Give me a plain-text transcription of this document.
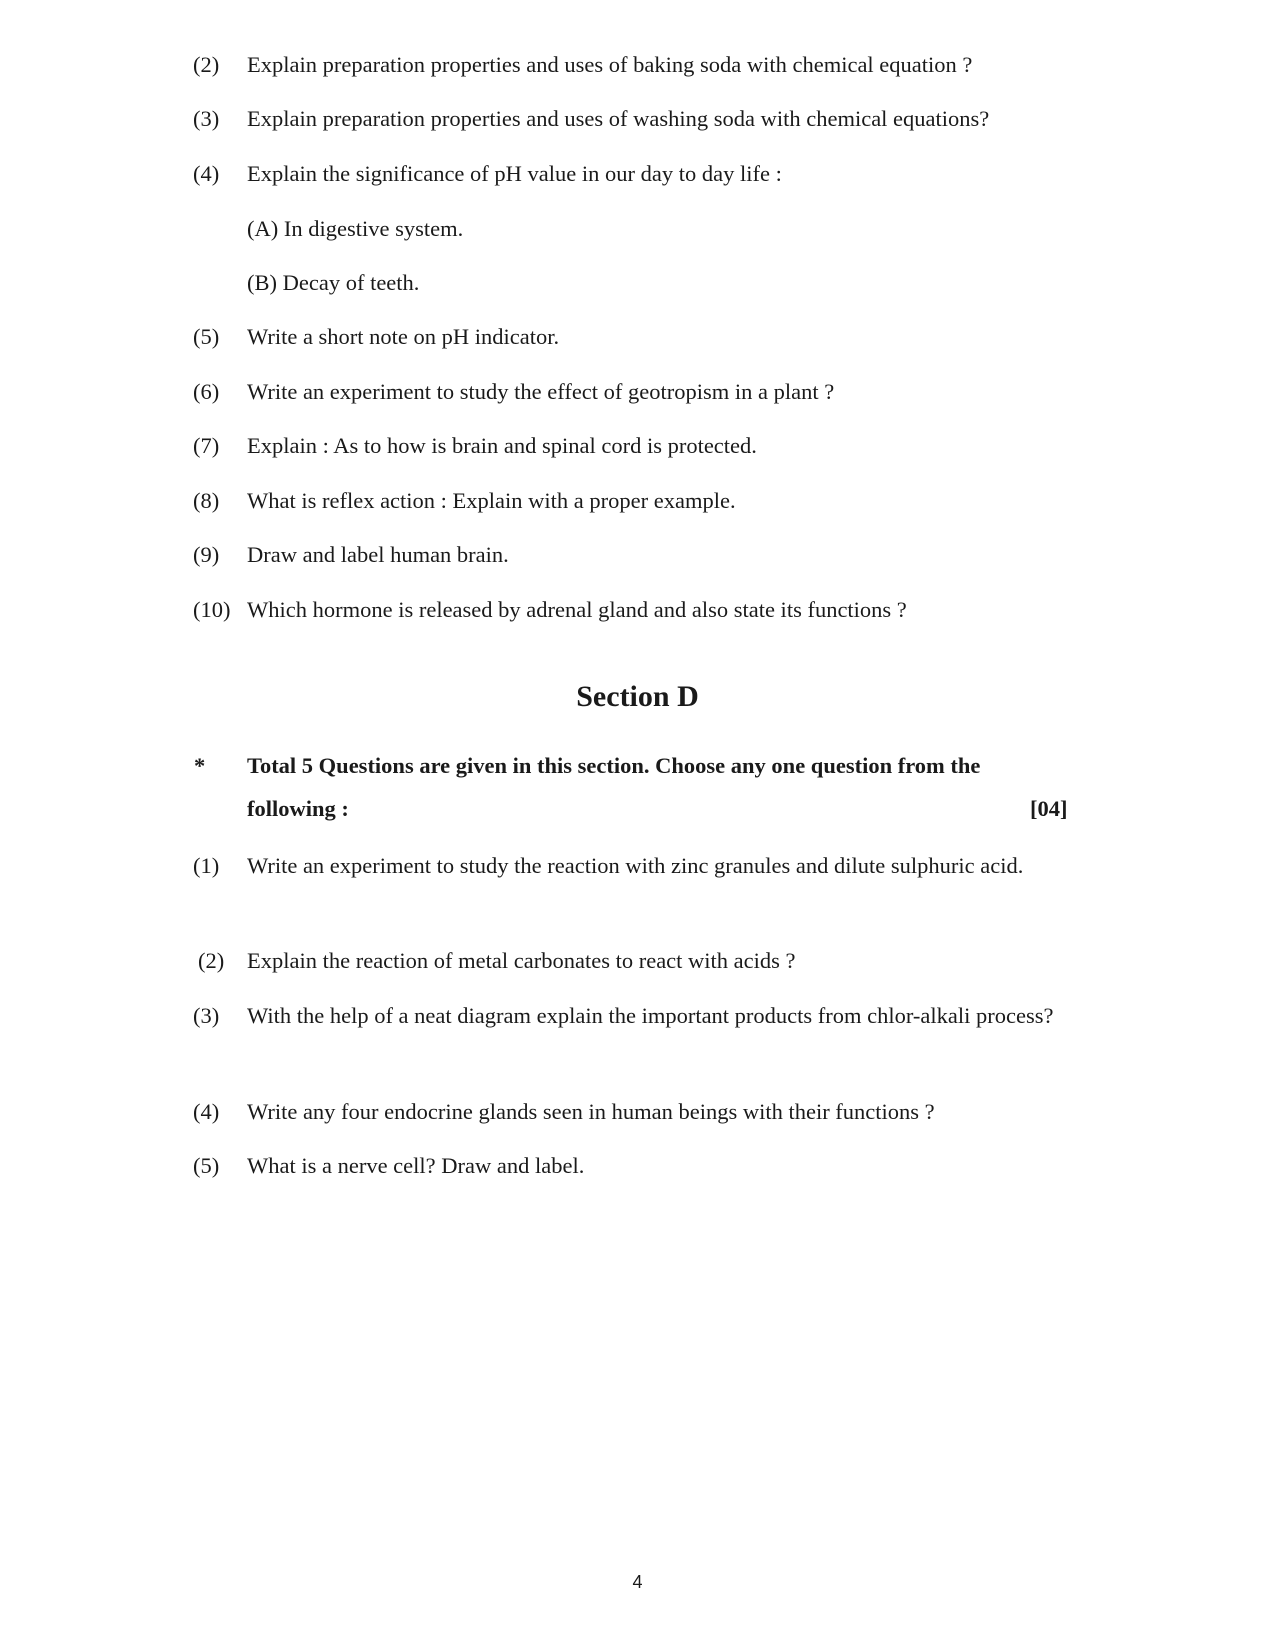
(2) Explain preparation properties and uses of baking soda with chemical equation ?
(3) Explain preparation properties and uses of washing soda with chemical equations?
(4) Explain the significance of pH value in our day to day life :
(A) In digestive system.
(B) Decay of teeth.
(5) Write a short note on pH indicator.
(6) Write an experiment to study the effect of geotropism in a plant ?
(7) Explain : As to how is brain and spinal cord is protected.
(8) What is reflex action : Explain with a proper example.
(9) Draw and label human brain.
(10) Which hormone is released by adrenal gland and also state its functions ?
Section D
* Total 5 Questions are given in this section. Choose any one question from the following :	[04]
(1) Write an experiment to study the reaction with zinc granules and dilute sulphuric acid.
(2) Explain the reaction of metal carbonates to react with acids ?
(3) With the help of a neat diagram explain the important products from chlor-alkali process?
(4) Write any four endocrine glands seen in human beings with their functions ?
(5) What is a nerve cell? Draw and label.
4
